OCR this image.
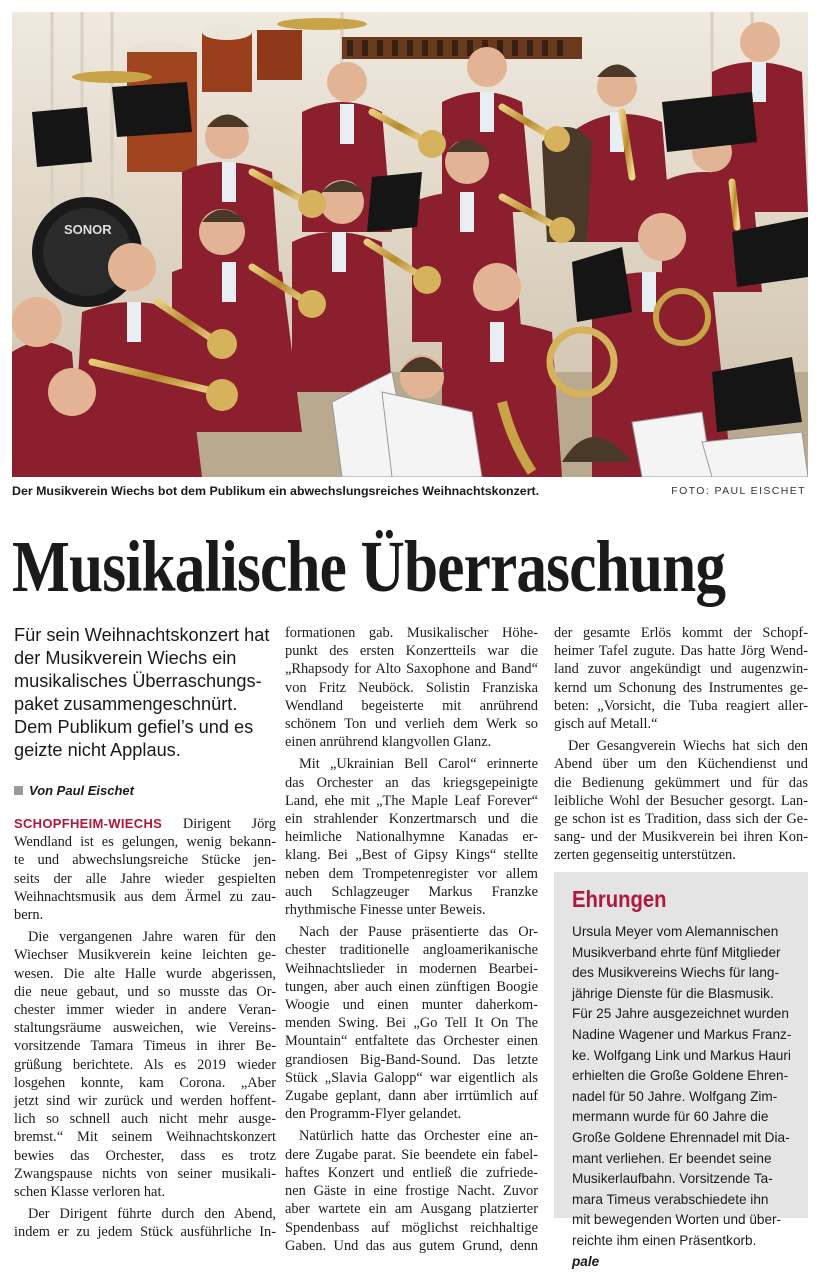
SONOR
Der Musikverein Wiechs bot dem Publikum ein abwechslungsreiches Weihnachtskonzert.	FOTO: PAUL EISCHET
Musikalische Überraschung
Für sein Weihnachtskonzert hat
der Musikverein Wiechs ein
musikalisches Überraschungs-
paket zusammengeschnürt.
Dem Publikum gefiel’s und es
geizte nicht Applaus.
Von Paul Eischet

SCHOPFHEIM-WIECHS Dirigent Jörg
Wendland ist es gelungen, wenig bekann-
te und abwechslungsreiche Stücke jen-
seits der alle Jahre wieder gespielten
Weihnachtsmusik aus dem Ärmel zu zau-
bern.

Die vergangenen Jahre waren für den
Wiechser Musikverein keine leichten ge-
wesen. Die alte Halle wurde abgerissen,
die neue gebaut, und so musste das Or-
chester immer wieder in andere Veran-
staltungsräume ausweichen, wie Vereins-
vorsitzende Tamara Timeus in ihrer Be-
grüßung berichtete. Als es 2019 wieder
losgehen konnte, kam Corona. „Aber
jetzt sind wir zurück und werden hoffent-
lich so schnell auch nicht mehr ausge-
bremst.“ Mit seinem Weihnachtskonzert
bewies das Orchester, dass es trotz
Zwangspause nichts von seiner musikali-
schen Klasse verloren hat.

Der Dirigent führte durch den Abend,
indem er zu jedem Stück ausführliche In-

formationen gab. Musikalischer Höhe-
punkt des ersten Konzertteils war die
„Rhapsody for Alto Saxophone and Band“
von Fritz Neuböck. Solistin Franziska
Wendland begeisterte mit anrührend
schönem Ton und verlieh dem Werk so
einen anrührend klangvollen Glanz.

Mit „Ukrainian Bell Carol“ erinnerte
das Orchester an das kriegsgepeinigte
Land, ehe mit „The Maple Leaf Forever“
ein strahlender Konzertmarsch und die
heimliche Nationalhymne Kanadas er-
klang. Bei „Best of Gipsy Kings“ stellte
neben dem Trompetenregister vor allem
auch Schlagzeuger Markus Franzke
rhythmische Finesse unter Beweis.

Nach der Pause präsentierte das Or-
chester traditionelle angloamerikanische
Weihnachtslieder in modernen Bearbei-
tungen, aber auch einen zünftigen Boogie
Woogie und einen munter daherkom-
menden Swing. Bei „Go Tell It On The
Mountain“ entfaltete das Orchester einen
grandiosen Big-Band-Sound. Das letzte
Stück „Slavia Galopp“ war eigentlich als
Zugabe geplant, dann aber irrtümlich auf
den Programm-Flyer gelandet.

Natürlich hatte das Orchester eine an-
dere Zugabe parat. Sie beendete ein fabel-
haftes Konzert und entließ die zufriede-
nen Gäste in eine frostige Nacht. Zuvor
aber wartete ein am Ausgang platzierter
Spendenbass auf möglichst reichhaltige
Gaben. Und das aus gutem Grund, denn

der gesamte Erlös kommt der Schopf-
heimer Tafel zugute. Das hatte Jörg Wend-
land zuvor angekündigt und augenzwin-
kernd um Schonung des Instrumentes ge-
beten: „Vorsicht, die Tuba reagiert aller-
gisch auf Metall.“

Der Gesangverein Wiechs hat sich den
Abend über um den Küchendienst und
die Bedienung gekümmert und für das
leibliche Wohl der Besucher gesorgt. Lan-
ge schon ist es Tradition, dass sich der Ge-
sang- und der Musikverein bei ihren Kon-
zerten gegenseitig unterstützen.

Ehrungen
Ursula Meyer vom Alemannischen
Musikverband ehrte fünf Mitglieder
des Musikvereins Wiechs für lang-
jährige Dienste für die Blasmusik.
Für 25 Jahre ausgezeichnet wurden
Nadine Wagener und Markus Franz-
ke. Wolfgang Link und Markus Hauri
erhielten die Große Goldene Ehren-
nadel für 50 Jahre. Wolfgang Zim-
mermann wurde für 60 Jahre die
Große Goldene Ehrennadel mit Dia-
mant verliehen. Er beendet seine
Musikerlaufbahn. Vorsitzende Ta-
mara Timeus verabschiedete ihn
mit bewegenden Worten und über-
reichte ihm einen Präsentkorb.
pale
